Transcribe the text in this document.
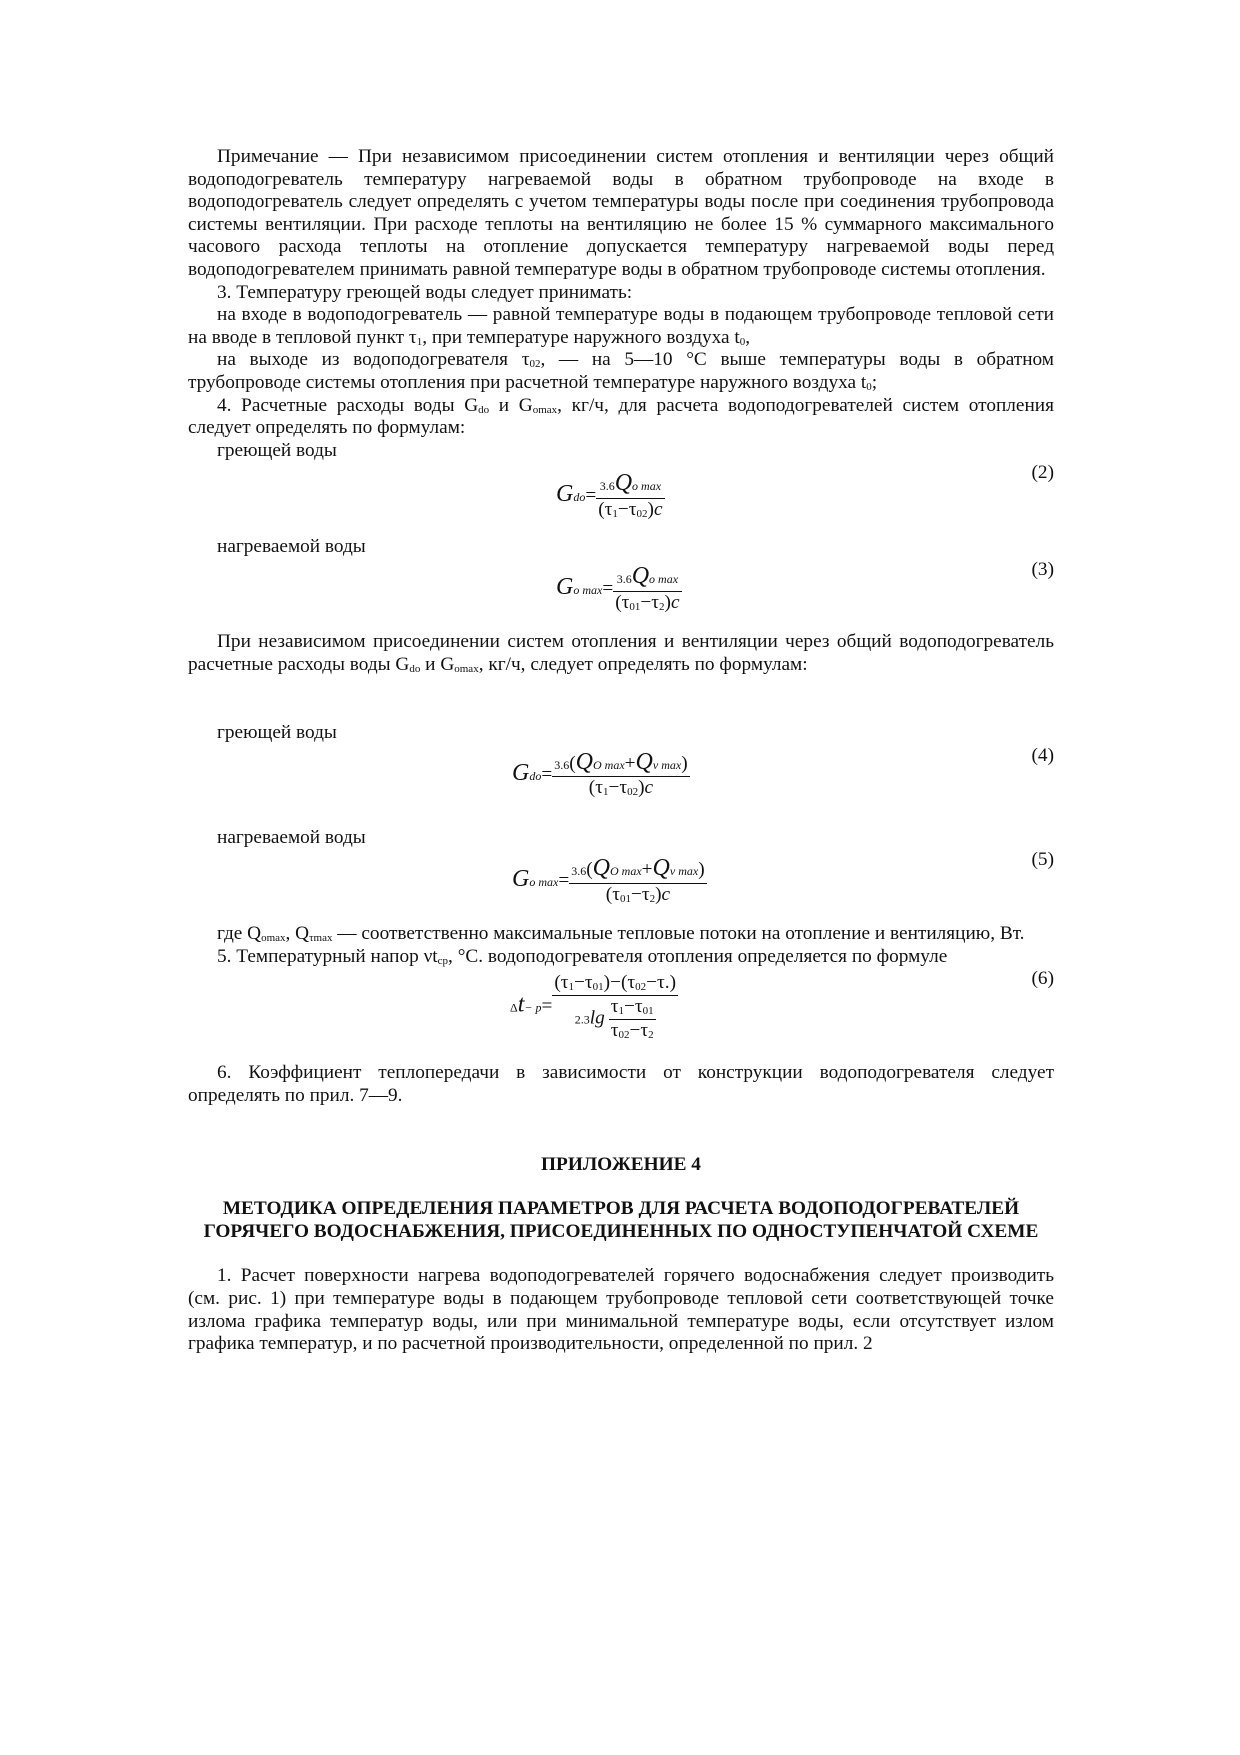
Примечание — При независимом присоединении систем отопления и вентиляции через общий водоподогреватель температуру нагреваемой воды в обратном трубопроводе на входе в водоподогреватель следует определять с учетом температуры воды после при соединения трубопровода системы вентиляции. При расходе теплоты на вентиляцию не более 15 % суммарного максимального часового расхода теплоты на отопление допускается температуру нагреваемой воды перед водоподогревателем принимать равной температуре воды в обратном трубопроводе системы отопления.

3. Температуру греющей воды следует принимать:

на входе в водоподогреватель — равной температуре воды в подающем трубопроводе тепловой сети на вводе в тепловой пункт $\tau_1$, при температуре наружного воздуха $t_0$,

на выходе из водоподогревателя $\tau_{02}$, — на 5—10 °С выше температуры воды в обратном трубопроводе системы отопления при расчетной температуре наружного воздуха $t_0$;

4. Расчетные расходы воды $G_{do}$ и $G_{omax}$, кг/ч, для расчета водоподогревателей систем отопления следует определять по формулам:

греющей воды

(2)
$Gdo= \frac{\text{3.6Qo max}}{(\tau_1-\tau_{02})c}$

нагреваемой воды

(3)
Go $\max= \frac{\text{3.6Qo max}}{(\tau_{01}-\tau_2)c}$

При независимом присоединении систем отопления и вентиляции через общий водоподогреватель расчетные расходы воды $G_{do}$ и $G_{omax}$, кг/ч, следует определять по формулам:

греющей воды

(4)
$Gdo= \frac{\text{3.6(QO max+Qν max)}}{(\tau_1-\tau_{02})c}$

нагреваемой воды

(5)
Go $\max= \frac{\text{3.6(QO max+Qν max)}}{(\tau_{01}-\tau_2)c}$

где $Q_{omax}$, $Q_{\tau max}$ — соответственно максимальные тепловые потоки на отопление и вентиляцию, Вт.

5. Температурный напор $\nu t_{ср}$, °С. водоподогревателя отопления определяется по формуле

(6)
$\Delta t- p= \frac{(\tau_1-\tau_{01})-(\tau_{02}-\tau.)}{2.3\lg \frac{\tau_1-\tau_{01}}{\tau_{02}-\tau_2}}$

6. Коэффициент теплопередачи в зависимости от конструкции водоподогревателя следует определять по прил. 7—9.

ПРИЛОЖЕНИЕ 4

МЕТОДИКА ОПРЕДЕЛЕНИЯ ПАРАМЕТРОВ ДЛЯ РАСЧЕТА ВОДОПОДОГРЕВАТЕЛЕЙ ГОРЯЧЕГО ВОДОСНАБЖЕНИЯ, ПРИСОЕДИНЕННЫХ ПО ОДНОСТУПЕНЧАТОЙ СХЕМЕ

1. Расчет поверхности нагрева водоподогревателей горячего водоснабжения следует производить (см. рис. 1) при температуре воды в подающем трубопроводе тепловой сети соответствующей точке излома графика температур воды, или при минимальной температуре воды, если отсутствует излом графика температур, и по расчетной производительности, определенной по прил. 2
